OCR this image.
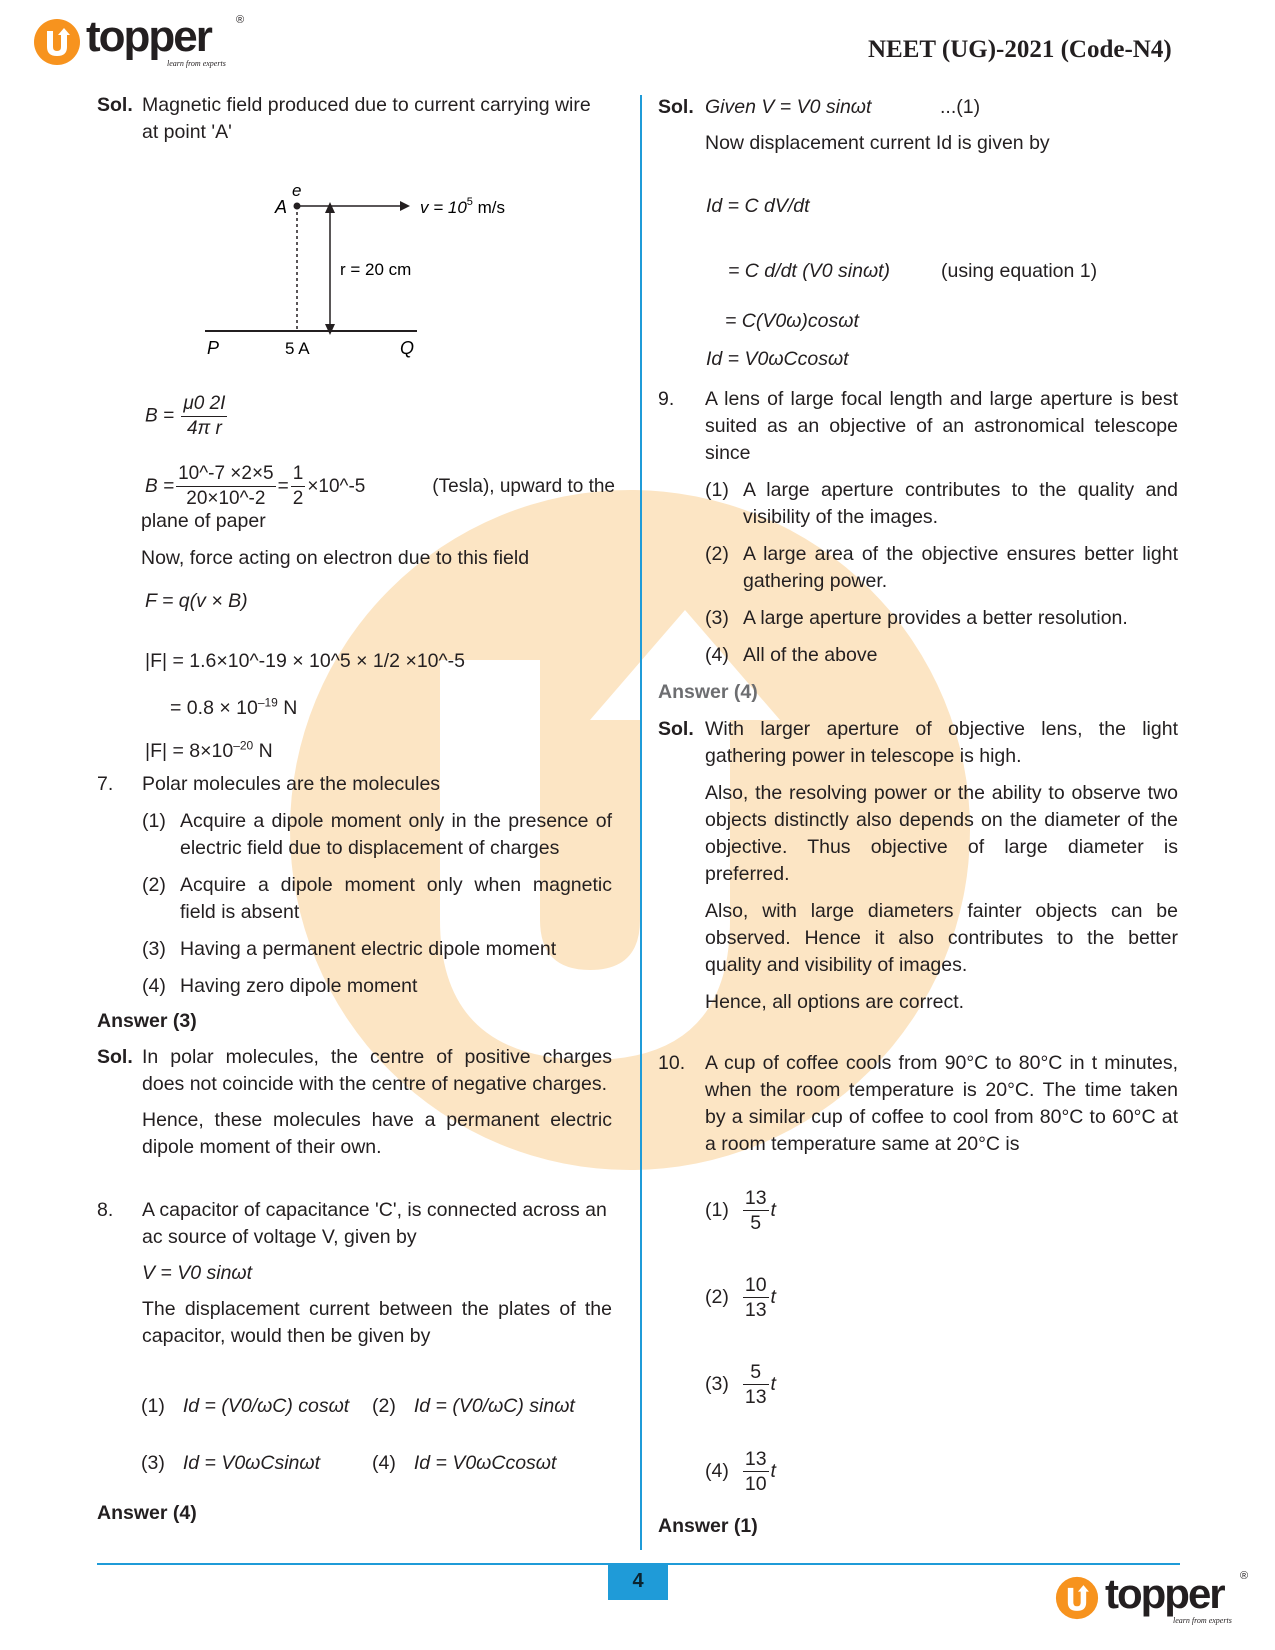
topper ®
learn from experts
NEET (UG)-2021 (Code-N4)
Sol. Magnetic field produced due to current carrying wire at point 'A'
e
A	$v = 10^5$ m/s
r = 20 cm
P	5 A	Q
$B = \frac{\mu 0 2I}{\text{4π r}}$
$B = \frac{10\^{}-7 \times 2\times 5}{20\times 10\^{}-2} = \frac{1}{2}$ ×10^-5	(Tesla), upward to the
plane of paper
Now, force acting on electron due to this field
F = q(v × B)
|F| = 1.6×10^-19 × 10^5 × 1/2 ×10^-5
= $0.8 \times 10^{-19}$ N
$|F| = 8\times 10^{-20}$ N
7.	Polar molecules are the molecules
(1) Acquire a dipole moment only in the presence of electric field due to displacement of charges
(2) Acquire a dipole moment only when magnetic field is absent
(3) Having a permanent electric dipole moment
(4) Having zero dipole moment
Answer (3)
Sol. In polar molecules, the centre of positive charges does not coincide with the centre of negative charges.
Hence, these molecules have a permanent electric dipole moment of their own.
8.	A capacitor of capacitance 'C', is connected across an ac source of voltage V, given by
V = V0 sinωt
The displacement current between the plates of the capacitor, would then be given by
(1) Id = (V0/ωC) cosωt (2) Id = (V0/ωC) sinωt
(3) Id = V0ωCsinωt	(4) Id = V0ωCcosωt
Answer (4)
Sol. Given V = V0 sinωt	...(1)
Now displacement current Id is given by
Id = C dV/dt
= C d/dt (V0 sinωt)	(using equation 1)
= C(V0ω)cosωt
Id = V0ωCcosωt
9.	A lens of large focal length and large aperture is best suited as an objective of an astronomical telescope since
(1) A large aperture contributes to the quality and visibility of the images.
(2) A large area of the objective ensures better light gathering power.
(3) A large aperture provides a better resolution.
(4) All of the above
Answer (4)
Sol. With larger aperture of objective lens, the light gathering power in telescope is high.
Also, the resolving power or the ability to observe two objects distinctly also depends on the diameter of the objective. Thus objective of large diameter is preferred.
Also, with large diameters fainter objects can be observed. Hence it also contributes to the better quality and visibility of images.
Hence, all options are correct.
10.	A cup of coffee cools from 90°C to 80°C in t minutes, when the room temperature is 20°C. The time taken by a similar cup of coffee to cool from 80°C to 60°C at a room temperature same at 20°C is
$(1) \frac{13}{5}$ t
$(2) \frac{10}{13}$ t
$(3) \frac{5}{13}$ t
$(4) \frac{13}{10}$ t
Answer (1)
4	topper ®
learn from experts
